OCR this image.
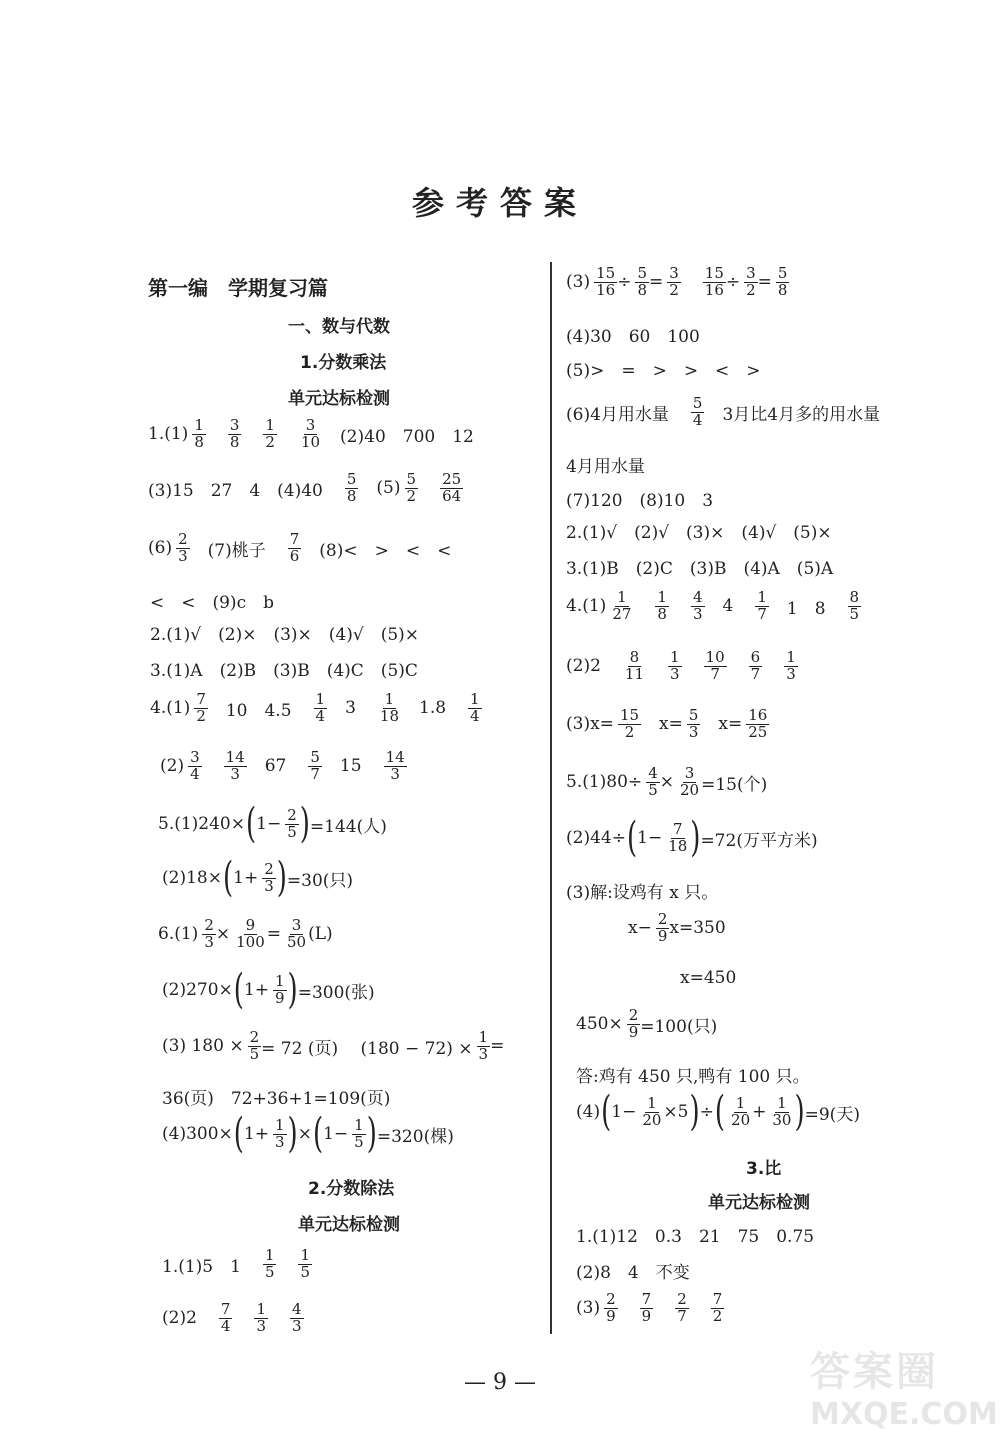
参考答案
第一编　学期复习篇
一、数与代数
1.分数乘法
单元达标检测
$1.(1) \frac{1}{8} \frac{3}{8} \frac{1}{2} \frac{3}{10} (2)40$　700　12
(3)15　27　4　$(4)40 \frac{5}{8} (5) \frac{5}{2} \frac{25}{64}$
$(6) \frac{2}{3} (7)$桃子 $\frac{7}{6} (8)<$　>　<　<
<　<　(9)c　b
2.(1)√　(2)×　(3)×　(4)√　(5)×
3.(1)A　(2)B　(3)B　(4)C　(5)C
$4.(1) \frac{7}{2} 10$　$4.5 \frac{1}{4} 3 \frac{1}{18} 1.8 \frac{1}{4}$
$(2) \frac{3}{4} \frac{14}{3} 67 \frac{5}{7} 15 \frac{14}{3}$
5.(1)240× ( $1- \frac{2}{5}$ ) =144(人)
(2)18× ( $1+ \frac{2}{3}$ ) =30(只)
$6.(1) \frac{2}{3} \times \frac{9}{100} = \frac{3}{50} (L)$
(2)270× ( $1+ \frac{1}{9}$ ) =300(张)
(3) $180 \times \frac{2}{5} = 72$ (页)　 $(180 - 72) \times \frac{1}{3}$ =
36(页)　72+36+1=109(页)
(4)300× ( $1+ \frac{1}{3}$ ) × ( $1- \frac{1}{5}$ ) =320(棵)
2.分数除法
单元达标检测
1.(1)5　$1 \frac{1}{5} \frac{1}{5}$
$(2)2 \frac{7}{4} \frac{1}{3} \frac{4}{3}$
$(3) \frac{15}{16} \div \frac{5}{8} = \frac{3}{2} \frac{15}{16} \div \frac{3}{2} = \frac{5}{8}$
(4)30　60　100
(5)>　=　>　>　<　>
(6)4月用水量 $\frac{5}{4} 3$月比4月多的用水量
4月用水量
(7)120　(8)10　3
2.(1)√　(2)√　(3)×　(4)√　(5)×
3.(1)B　(2)C　(3)B　(4)A　(5)A
$4.(1) \frac{1}{27} \frac{1}{8} \frac{4}{3} 4 \frac{1}{7} 1$　$8 \frac{8}{5}$
$(2)2 \frac{8}{11} \frac{1}{3} \frac{10}{7} \frac{6}{7} \frac{1}{3}$
(3) $x= \frac{15}{2} x= \frac{5}{3} x= \frac{16}{25}$
$5.(1)80\div \frac{4}{5} \times \frac{3}{20} =15$(个)
(2)44÷ ( $1- \frac{7}{18}$ ) =72(万平方米)
(3)解:设鸡有 x 只。
$x- \frac{2}{9} x=350$
x=450
$450\times \frac{2}{9} =100$(只)
答:鸡有 450 只,鸭有 100 只。
(4) ( $1- \frac{1}{20} \times 5$ ) ÷ ( $\frac{1}{20} + \frac{1}{30}$ ) =9(天)
3.比
单元达标检测
1.(1)12　0.3　21　75　0.75
(2)8　4　不变
$(3) \frac{2}{9} \frac{7}{9} \frac{2}{7} \frac{7}{2}$
— 9 —	答案圈
MXQE.COM
